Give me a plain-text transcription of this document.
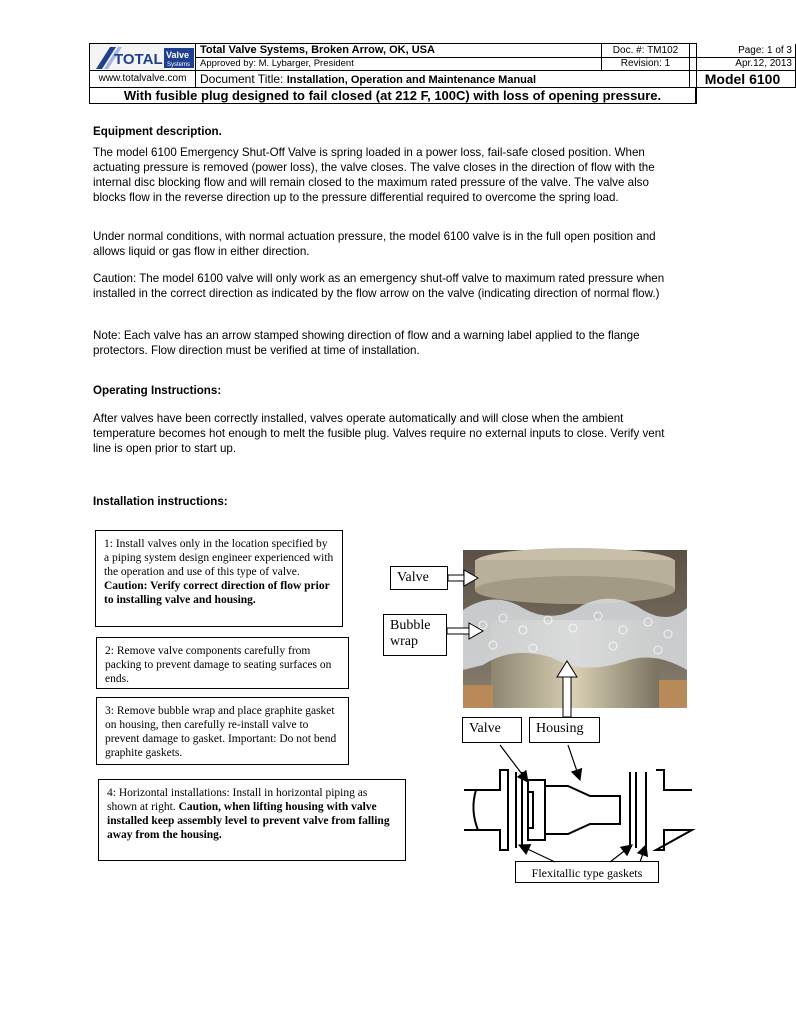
TOTAL Valve
Systems
www.totalvalve.com
Total Valve Systems, Broken Arrow, OK, USA
Approved by: M. Lybarger, President
Doc. #: TM102
Revision: 1
Page: 1 of 3
Apr.12, 2013
Document Title: Installation, Operation and Maintenance Manual	Model 6100
With fusible plug designed to fail closed (at 212 F, 100C) with loss of opening pressure.

Equipment description.

The model 6100 Emergency Shut-Off Valve is spring loaded in a power loss, fail-safe closed position. When actuating pressure is removed (power loss), the valve closes. The valve closes in the direction of flow with the internal disc blocking flow and will remain closed to the maximum rated pressure of the valve. The valve also blocks flow in the reverse direction up to the pressure differential required to overcome the spring load.

Under normal conditions, with normal actuation pressure, the model 6100 valve is in the full open position and allows liquid or gas flow in either direction.

Caution: The model 6100 valve will only work as an emergency shut-off valve to maximum rated pressure when installed in the correct direction as indicated by the flow arrow on the valve (indicating direction of normal flow.)

Note: Each valve has an arrow stamped showing direction of flow and a warning label applied to the flange protectors. Flow direction must be verified at time of installation.

Operating Instructions:

After valves have been correctly installed, valves operate automatically and will close when the ambient temperature becomes hot enough to melt the fusible plug. Valves require no external inputs to close. Verify vent line is open prior to start up.

Installation instructions:

1: Install valves only in the location specified by a piping system design engineer experienced with the operation and use of this type of valve. Caution: Verify correct direction of flow prior to installing valve and housing.
2: Remove valve components carefully from packing to prevent damage to seating surfaces on ends.
3: Remove bubble wrap and place graphite gasket on housing, then carefully re-install valve to prevent damage to gasket. Important: Do not bend graphite gaskets.
4: Horizontal installations: Install in horizontal piping as shown at right. Caution, when lifting housing with valve installed keep assembly level to prevent valve from falling away from the housing.
Valve
Bubble wrap
Valve	Housing
Flexitallic type gaskets
